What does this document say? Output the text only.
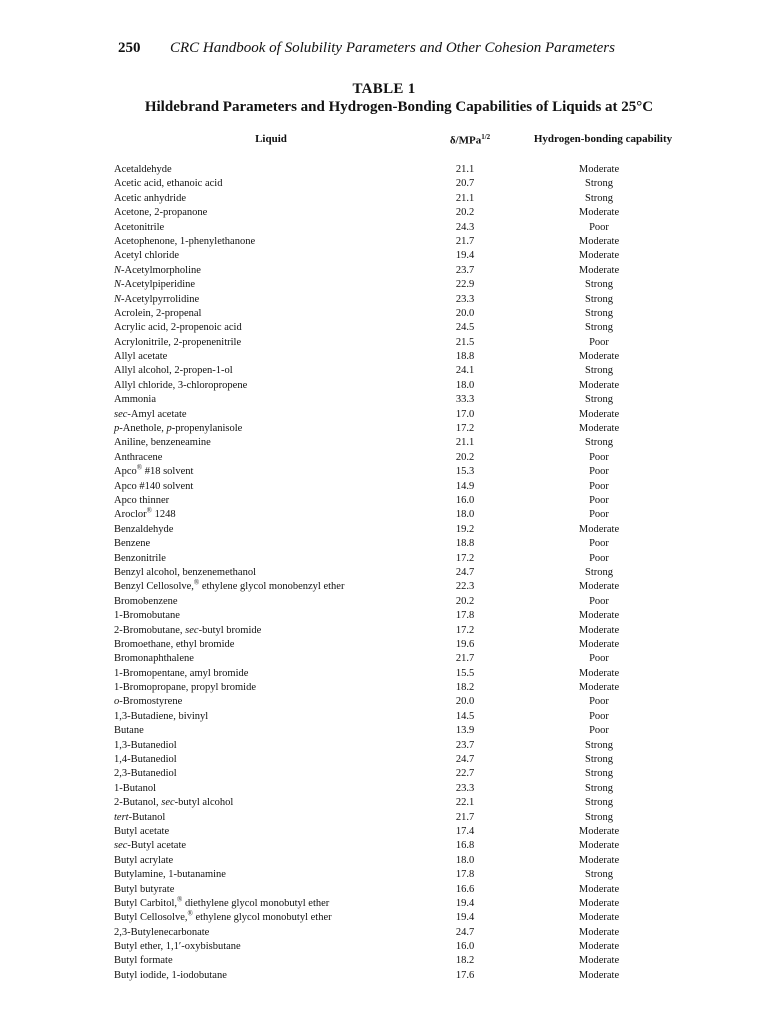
250 CRC Handbook of Solubility Parameters and Other Cohesion Parameters
TABLE 1
Hildebrand Parameters and Hydrogen-Bonding Capabilities of Liquids at 25°C
Liquid	δ/MPa$^{1/2}$	Hydrogen-bonding capability
Acetaldehyde	21.1	Moderate
Acetic acid, ethanoic acid	20.7	Strong
Acetic anhydride	21.1	Strong
Acetone, 2-propanone	20.2	Moderate
Acetonitrile	24.3	Poor
Acetophenone, 1-phenylethanone	21.7	Moderate
Acetyl chloride	19.4	Moderate
N-Acetylmorpholine	23.7	Moderate
N-Acetylpiperidine	22.9	Strong
N-Acetylpyrrolidine	23.3	Strong
Acrolein, 2-propenal	20.0	Strong
Acrylic acid, 2-propenoic acid	24.5	Strong
Acrylonitrile, 2-propenenitrile	21.5	Poor
Allyl acetate	18.8	Moderate
Allyl alcohol, 2-propen-1-ol	24.1	Strong
Allyl chloride, 3-chloropropene	18.0	Moderate
Ammonia	33.3	Strong
sec-Amyl acetate	17.0	Moderate
p-Anethole, p-propenylanisole	17.2	Moderate
Aniline, benzeneamine	21.1	Strong
Anthracene	20.2	Poor
Apco® #18 solvent	15.3	Poor
Apco #140 solvent	14.9	Poor
Apco thinner	16.0	Poor
Aroclor® 1248	18.0	Poor
Benzaldehyde	19.2	Moderate
Benzene	18.8	Poor
Benzonitrile	17.2	Poor
Benzyl alcohol, benzenemethanol	24.7	Strong
Benzyl Cellosolve,® ethylene glycol monobenzyl ether	22.3	Moderate
Bromobenzene	20.2	Poor
1-Bromobutane	17.8	Moderate
2-Bromobutane, sec-butyl bromide	17.2	Moderate
Bromoethane, ethyl bromide	19.6	Moderate
Bromonaphthalene	21.7	Poor
1-Bromopentane, amyl bromide	15.5	Moderate
1-Bromopropane, propyl bromide	18.2	Moderate
o-Bromostyrene	20.0	Poor
1,3-Butadiene, bivinyl	14.5	Poor
Butane	13.9	Poor
1,3-Butanediol	23.7	Strong
1,4-Butanediol	24.7	Strong
2,3-Butanediol	22.7	Strong
1-Butanol	23.3	Strong
2-Butanol, sec-butyl alcohol	22.1	Strong
tert-Butanol	21.7	Strong
Butyl acetate	17.4	Moderate
sec-Butyl acetate	16.8	Moderate
Butyl acrylate	18.0	Moderate
Butylamine, 1-butanamine	17.8	Strong
Butyl butyrate	16.6	Moderate
Butyl Carbitol,® diethylene glycol monobutyl ether	19.4	Moderate
Butyl Cellosolve,® ethylene glycol monobutyl ether	19.4	Moderate
2,3-Butylenecarbonate	24.7	Moderate
Butyl ether, 1,1′-oxybisbutane	16.0	Moderate
Butyl formate	18.2	Moderate
Butyl iodide, 1-iodobutane	17.6	Moderate
